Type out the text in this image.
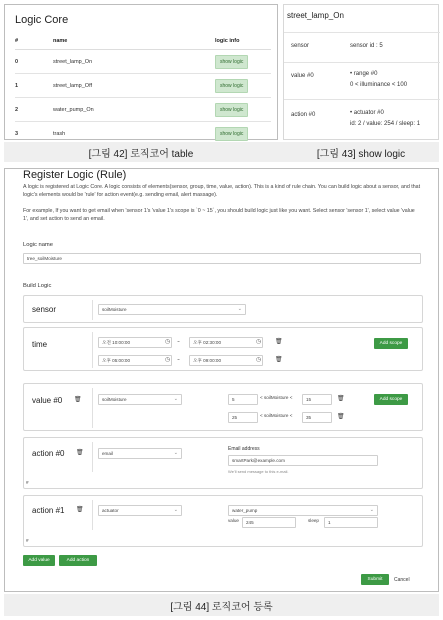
Logic Core
#	name	logic info
0	street_lamp_On	show logic
1	street_lamp_Off	show logic
2	water_pump_On	show logic
3	trash	show logic
street_lamp_On
sensor	sensor id : 5
value #0	• range #0
0 < illuminance < 100
action #0	• actuator #0
id: 2 / value: 254 / sleep: 1
[그림 42] 로직코어 table	[그림 43] show logic
Register Logic (Rule)
A logic is registered at Logic Core. A logic consists of elements(sensor, group, time, value, action). This is a kind of rule chain. You can build logic about a sensor, and that logic's elements would be 'rule' for action event(e.g. sending email, alert massage).
For example, If you want to get email when 'sensor 1's 'value 1's scope is `0 ~ 15`, you should build logic just like you want. Select sensor 'sensor 1', select value 'value 1', and set action to send an email.
Logic name
tree_soilMoisture
Build Logic
sensor	soilMoisture	⌄
time	오전 10:00:00	◷ ~	오후 02:30:00	◷ 🗑
오후 05:00:00	◷ ~	오후 09:00:00	◷ 🗑
Add scope
value #0 🗑	soilMoisture	⌄	5	< soilMoisture <	15	🗑
25	< soilMoisture <	35	🗑
Add scope
action #0 🗑	email	⌄
Email address
smartPark@example.com
We'll send message to this e-mail.
#
action #1 🗑	actuator	⌄	water_pump	⌄
value	245	sleep	1
#
Add value	Add action
Submit	Cancel
[그림 44] 로직코어 등록
